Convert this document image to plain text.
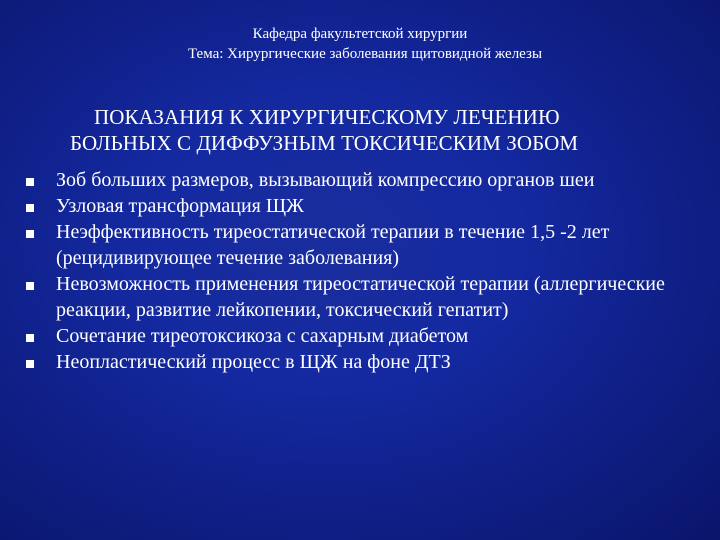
Кафедра факультетской хирургии
Тема: Хирургические заболевания щитовидной железы
ПОКАЗАНИЯ К ХИРУРГИЧЕСКОМУ ЛЕЧЕНИЮ
БОЛЬНЫХ С ДИФФУЗНЫМ ТОКСИЧЕСКИМ ЗОБОМ
Зоб больших размеров, вызывающий компрессию органов шеи
Узловая трансформация ЩЖ
Неэффективность тиреостатической терапии в течение 1,5 -2 лет (рецидивирующее течение заболевания)
Невозможность применения тиреостатической терапии (аллергические реакции, развитие лейкопении, токсический гепатит)
Сочетание тиреотоксикоза с сахарным диабетом
Неопластический процесс в ЩЖ на фоне ДТЗ
